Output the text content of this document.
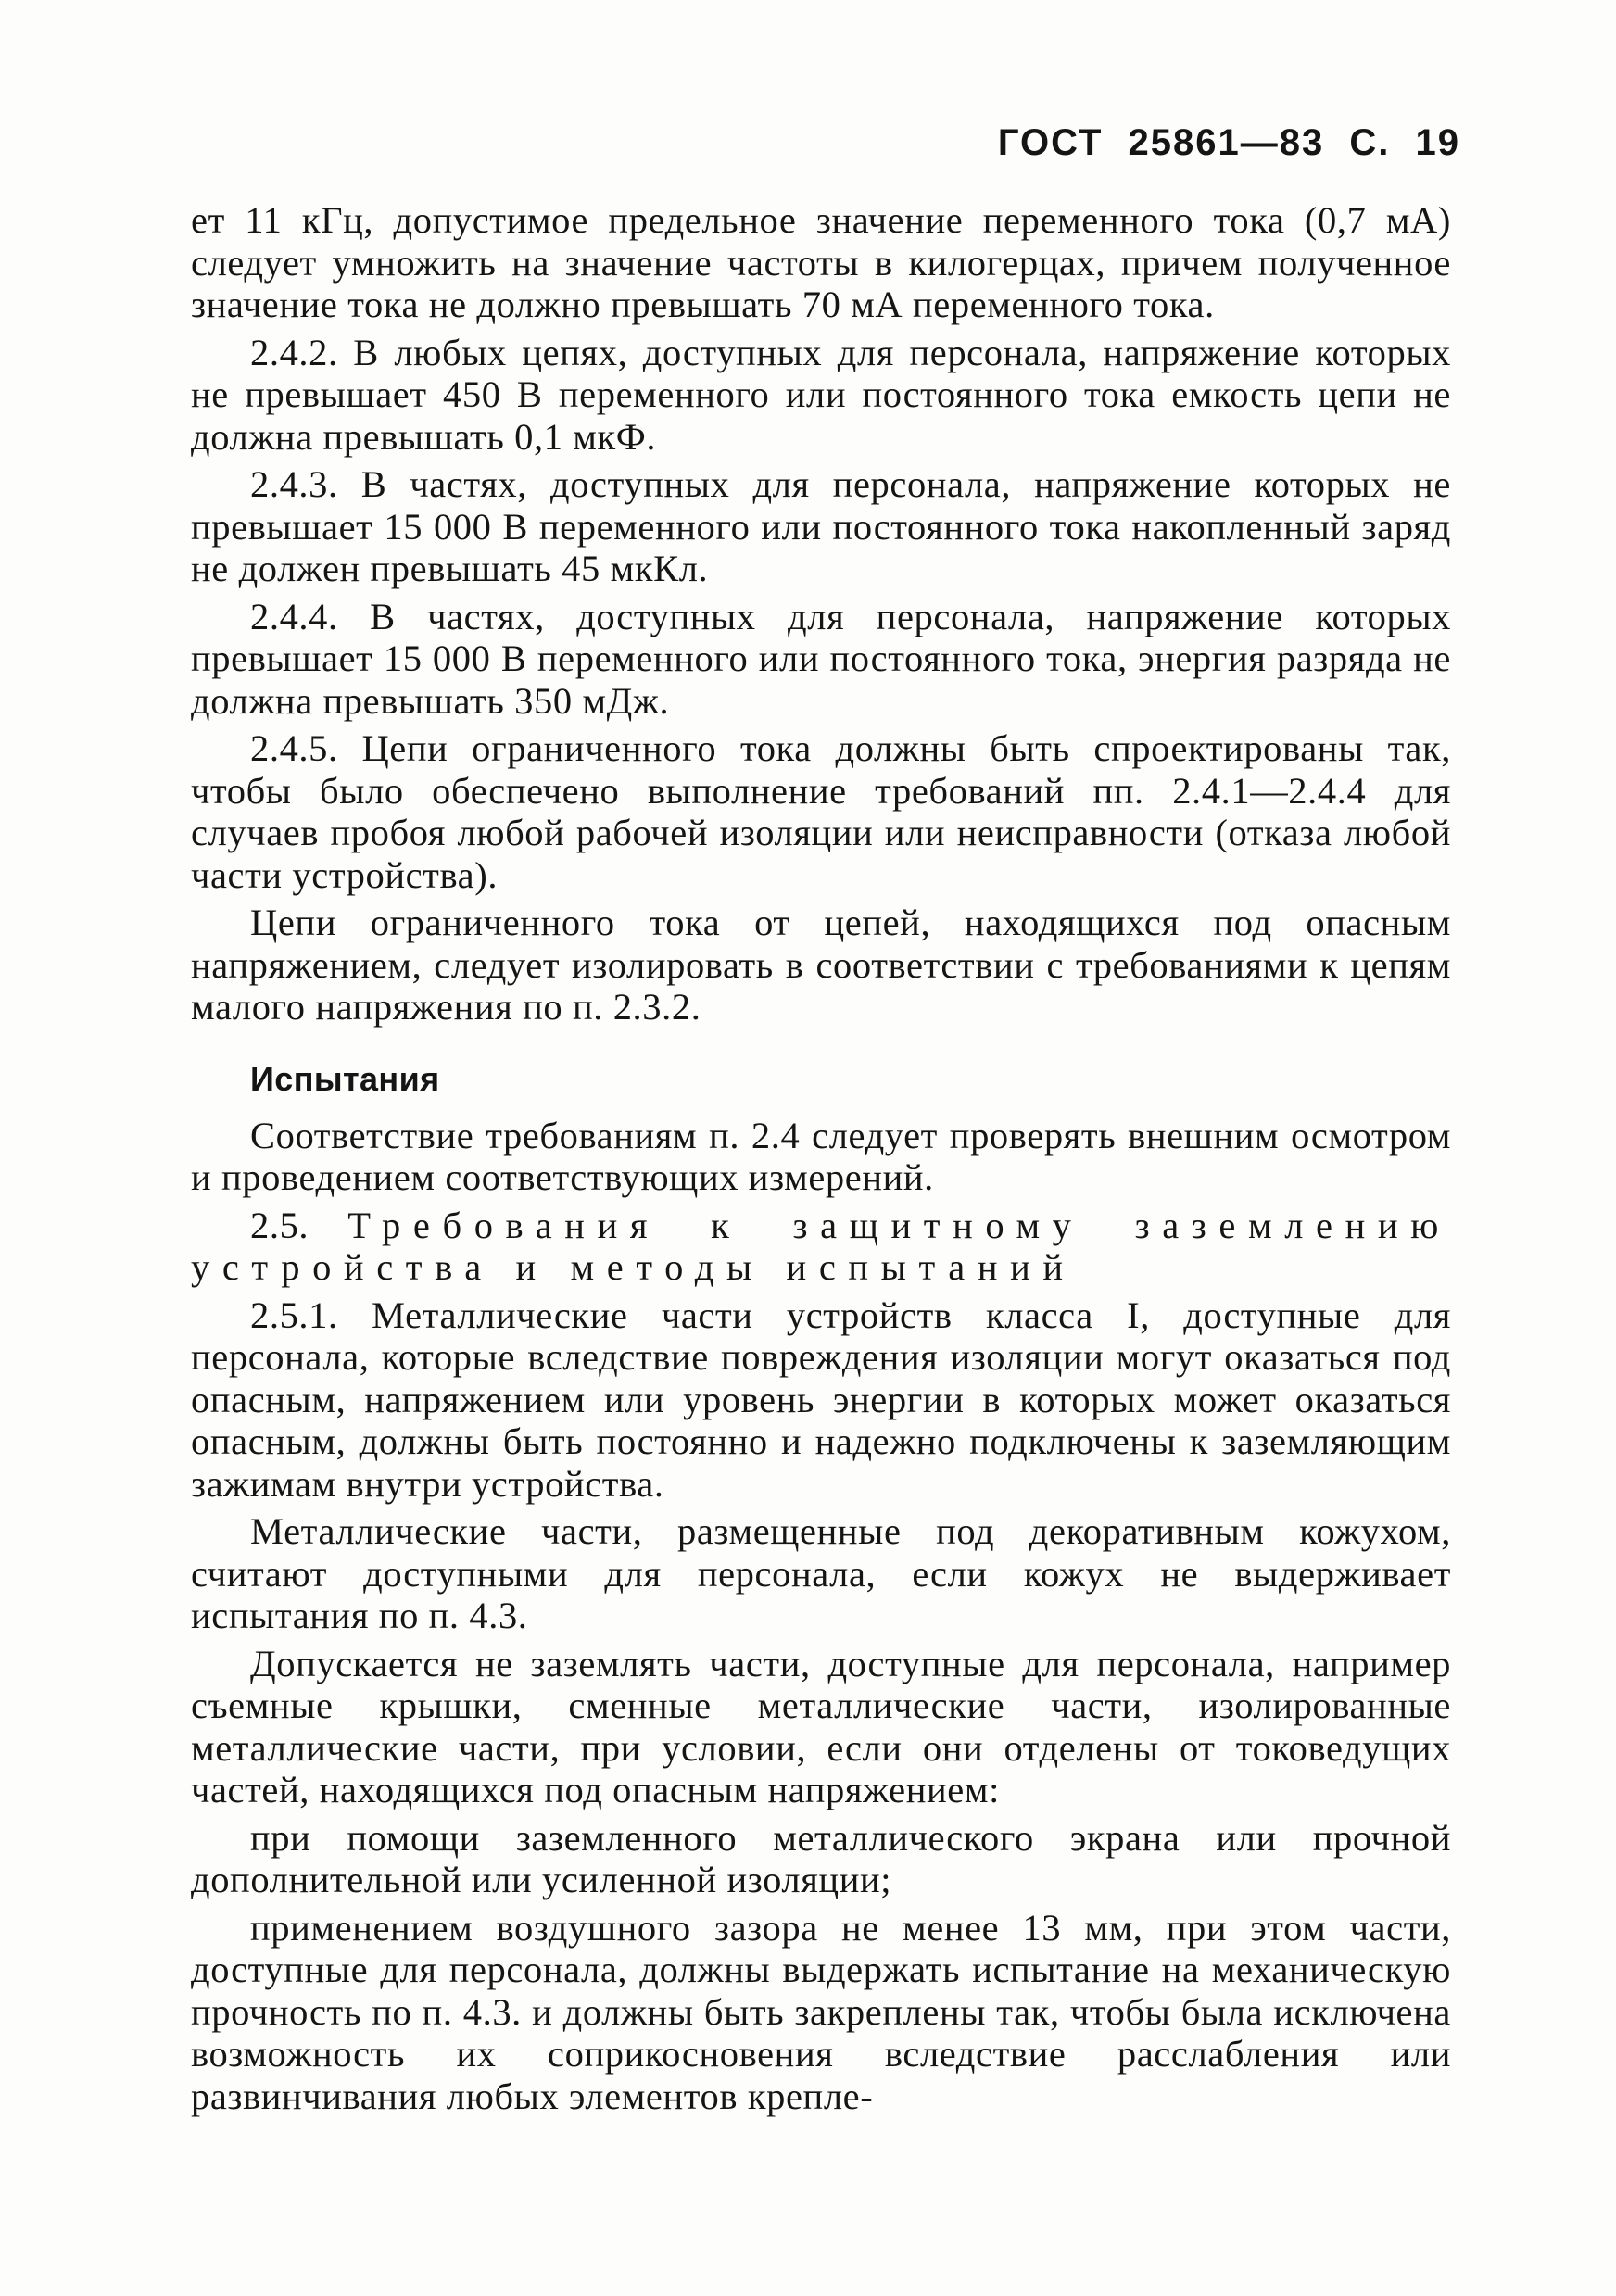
ГОСТ 25861—83 С. 19

ет 11 кГц, допустимое предельное значение переменного тока (0,7 мА) следует умножить на значение частоты в килогерцах, причем полученное значение тока не должно превышать 70 мА переменного тока.

2.4.2. В любых цепях, доступных для персонала, напряжение которых не превышает 450 В переменного или постоянного тока емкость цепи не должна превышать 0,1 мкФ.

2.4.3. В частях, доступных для персонала, напряжение которых не превышает 15 000 В переменного или постоянного тока накопленный заряд не должен превышать 45 мкКл.

2.4.4. В частях, доступных для персонала, напряжение которых превышает 15 000 В переменного или постоянного тока, энергия разряда не должна превышать 350 мДж.

2.4.5. Цепи ограниченного тока должны быть спроектированы так, чтобы было обеспечено выполнение требований пп. 2.4.1—2.4.4 для случаев пробоя любой рабочей изоляции или неисправности (отказа любой части устройства).

Цепи ограниченного тока от цепей, находящихся под опасным напряжением, следует изолировать в соответствии с требованиями к цепям малого напряжения по п. 2.3.2.

Испытания

Соответствие требованиям п. 2.4 следует проверять внешним осмотром и проведением соответствующих измерений.

2.5. Требования к защитному заземлению устройства и методы испытаний

2.5.1. Металлические части устройств класса I, доступные для персонала, которые вследствие повреждения изоляции могут оказаться под опасным, напряжением или уровень энергии в которых может оказаться опасным, должны быть постоянно и надежно подключены к заземляющим зажимам внутри устройства.

Металлические части, размещенные под декоративным кожухом, считают доступными для персонала, если кожух не выдерживает испытания по п. 4.3.

Допускается не заземлять части, доступные для персонала, например съемные крышки, сменные металлические части, изолированные металлические части, при условии, если они отделены от токоведущих частей, находящихся под опасным напряжением:

при помощи заземленного металлического экрана или прочной дополнительной или усиленной изоляции;

применением воздушного зазора не менее 13 мм, при этом части, доступные для персонала, должны выдержать испытание на механическую прочность по п. 4.3. и должны быть закреплены так, чтобы была исключена возможность их соприкосновения вследствие расслабления или развинчивания любых элементов крепле-
